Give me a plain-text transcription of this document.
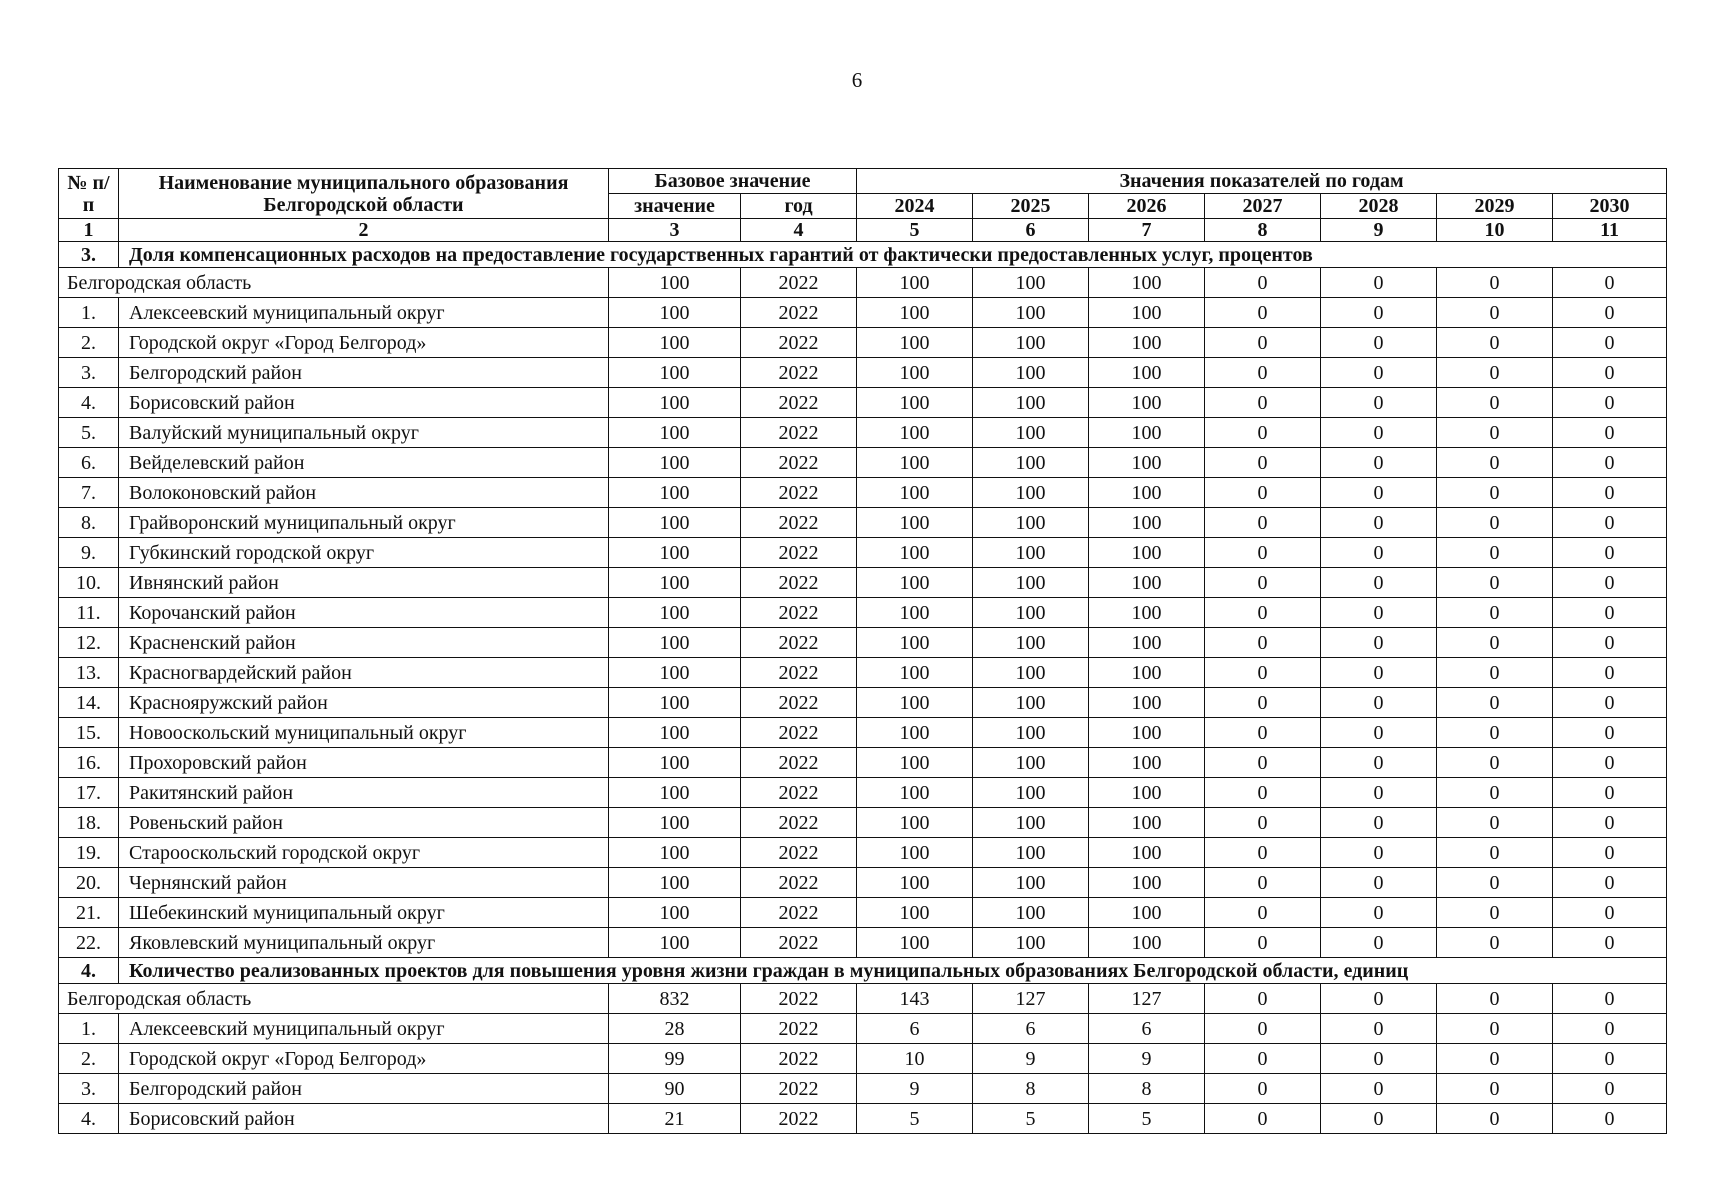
6
№ п/п	Наименование муниципального образования Белгородской области	Базовое значение		Значения показателей по годам						
		значение	год	2024	2025	2026	2027	2028	2029	2030
1	2	3	4	5	6	7	8	9	10	11
3.	Доля компенсационных расходов на предоставление государственных гарантий от фактически предоставленных услуг, процентов									
Белгородская область		100	2022	100	100	100	0	0	0	0
1.	Алексеевский муниципальный округ	100	2022	100	100	100	0	0	0	0
2.	Городской округ «Город Белгород»	100	2022	100	100	100	0	0	0	0
3.	Белгородский район	100	2022	100	100	100	0	0	0	0
4.	Борисовский район	100	2022	100	100	100	0	0	0	0
5.	Валуйский муниципальный округ	100	2022	100	100	100	0	0	0	0
6.	Вейделевский район	100	2022	100	100	100	0	0	0	0
7.	Волоконовский район	100	2022	100	100	100	0	0	0	0
8.	Грайворонский муниципальный округ	100	2022	100	100	100	0	0	0	0
9.	Губкинский городской округ	100	2022	100	100	100	0	0	0	0
10.	Ивнянский район	100	2022	100	100	100	0	0	0	0
11.	Корочанский район	100	2022	100	100	100	0	0	0	0
12.	Красненский район	100	2022	100	100	100	0	0	0	0
13.	Красногвардейский район	100	2022	100	100	100	0	0	0	0
14.	Краснояружский район	100	2022	100	100	100	0	0	0	0
15.	Новооскольский муниципальный округ	100	2022	100	100	100	0	0	0	0
16.	Прохоровский район	100	2022	100	100	100	0	0	0	0
17.	Ракитянский район	100	2022	100	100	100	0	0	0	0
18.	Ровеньский район	100	2022	100	100	100	0	0	0	0
19.	Старооскольский городской округ	100	2022	100	100	100	0	0	0	0
20.	Чернянский район	100	2022	100	100	100	0	0	0	0
21.	Шебекинский муниципальный округ	100	2022	100	100	100	0	0	0	0
22.	Яковлевский муниципальный округ	100	2022	100	100	100	0	0	0	0
4.	Количество реализованных проектов для повышения уровня жизни граждан в муниципальных образованиях Белгородской области, единиц									
Белгородская область		832	2022	143	127	127	0	0	0	0
1.	Алексеевский муниципальный округ	28	2022	6	6	6	0	0	0	0
2.	Городской округ «Город Белгород»	99	2022	10	9	9	0	0	0	0
3.	Белгородский район	90	2022	9	8	8	0	0	0	0
4.	Борисовский район	21	2022	5	5	5	0	0	0	0
